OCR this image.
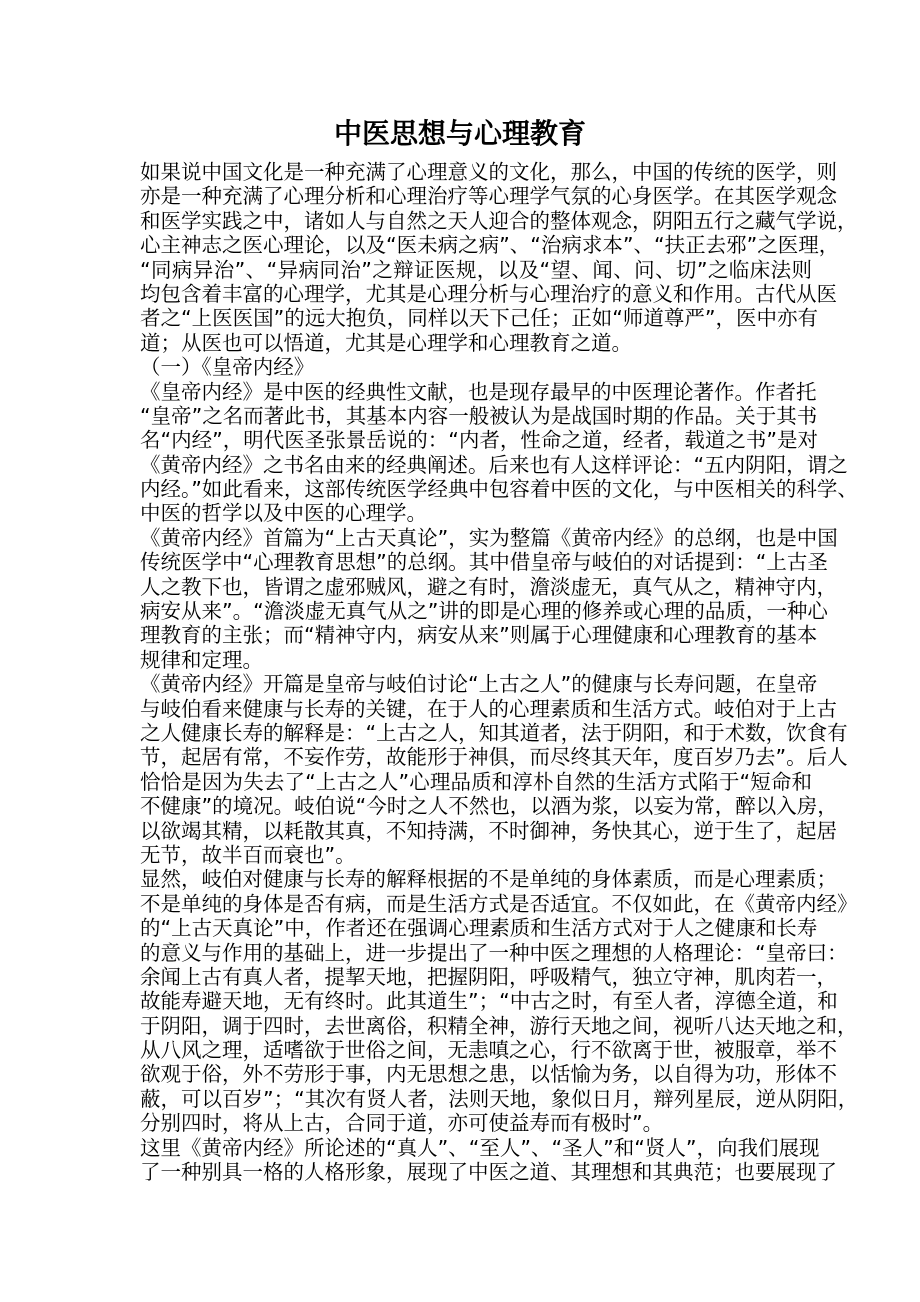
中医思想与心理教育
如果说中国文化是一种充满了心理意义的文化，那么，中国的传统的医学，则
亦是一种充满了心理分析和心理治疗等心理学气氛的心身医学。在其医学观念
和医学实践之中，诸如人与自然之天人迎合的整体观念，阴阳五行之藏气学说，
心主神志之医心理论，以及“医未病之病”、“治病求本”、“扶正去邪”之医理，
“同病异治”、“异病同治”之辩证医规，以及“望、闻、问、切”之临床法则
均包含着丰富的心理学，尤其是心理分析与心理治疗的意义和作用。古代从医
者之“上医医国”的远大抱负，同样以天下己任；正如“师道尊严”，医中亦有
道；从医也可以悟道，尤其是心理学和心理教育之道。
（一）《皇帝内经》
《皇帝内经》是中医的经典性文献，也是现存最早的中医理论著作。作者托
“皇帝”之名而著此书，其基本内容一般被认为是战国时期的作品。关于其书
名“内经”，明代医圣张景岳说的：“内者，性命之道，经者，载道之书”是对
《黄帝内经》之书名由来的经典阐述。后来也有人这样评论：“五内阴阳，谓之
内经。”如此看来，这部传统医学经典中包容着中医的文化，与中医相关的科学、
中医的哲学以及中医的心理学。
《黄帝内经》首篇为“上古天真论”，实为整篇《黄帝内经》的总纲，也是中国
传统医学中“心理教育思想”的总纲。其中借皇帝与岐伯的对话提到：“上古圣
人之教下也，皆谓之虚邪贼风，避之有时，澹淡虚无，真气从之，精神守内，
病安从来”。“澹淡虚无真气从之”讲的即是心理的修养或心理的品质，一种心
理教育的主张；而“精神守内，病安从来”则属于心理健康和心理教育的基本
规律和定理。
《黄帝内经》开篇是皇帝与岐伯讨论“上古之人”的健康与长寿问题，在皇帝
与岐伯看来健康与长寿的关键，在于人的心理素质和生活方式。岐伯对于上古
之人健康长寿的解释是：“上古之人，知其道者，法于阴阳，和于术数，饮食有
节，起居有常，不妄作劳，故能形于神俱，而尽终其天年，度百岁乃去”。后人
恰恰是因为失去了“上古之人”心理品质和淳朴自然的生活方式陷于“短命和
不健康”的境况。岐伯说“今时之人不然也，以酒为浆，以妄为常，醉以入房，
以欲竭其精，以耗散其真，不知持满，不时御神，务快其心，逆于生了，起居
无节，故半百而衰也”。
显然，岐伯对健康与长寿的解释根据的不是单纯的身体素质，而是心理素质；
不是单纯的身体是否有病，而是生活方式是否适宜。不仅如此，在《黄帝内经》
的“上古天真论”中，作者还在强调心理素质和生活方式对于人之健康和长寿
的意义与作用的基础上，进一步提出了一种中医之理想的人格理论：“皇帝曰：
余闻上古有真人者，提挈天地，把握阴阳，呼吸精气，独立守神，肌肉若一，
故能寿避天地，无有终时。此其道生”；“中古之时，有至人者，淳德全道，和
于阴阳，调于四时，去世离俗，积精全神，游行天地之间，视听八达天地之和，
从八风之理，适嗜欲于世俗之间，无恚嗔之心，行不欲离于世，被服章，举不
欲观于俗，外不劳形于事，内无思想之患，以恬愉为务，以自得为功，形体不
蔽，可以百岁”；“其次有贤人者，法则天地，象似日月，辩列星辰，逆从阴阳，
分别四时，将从上古，合同于道，亦可使益寿而有极时”。
这里《黄帝内经》所论述的“真人”、“至人”、“圣人”和“贤人”，向我们展现
了一种别具一格的人格形象，展现了中医之道、其理想和其典范；也要展现了
